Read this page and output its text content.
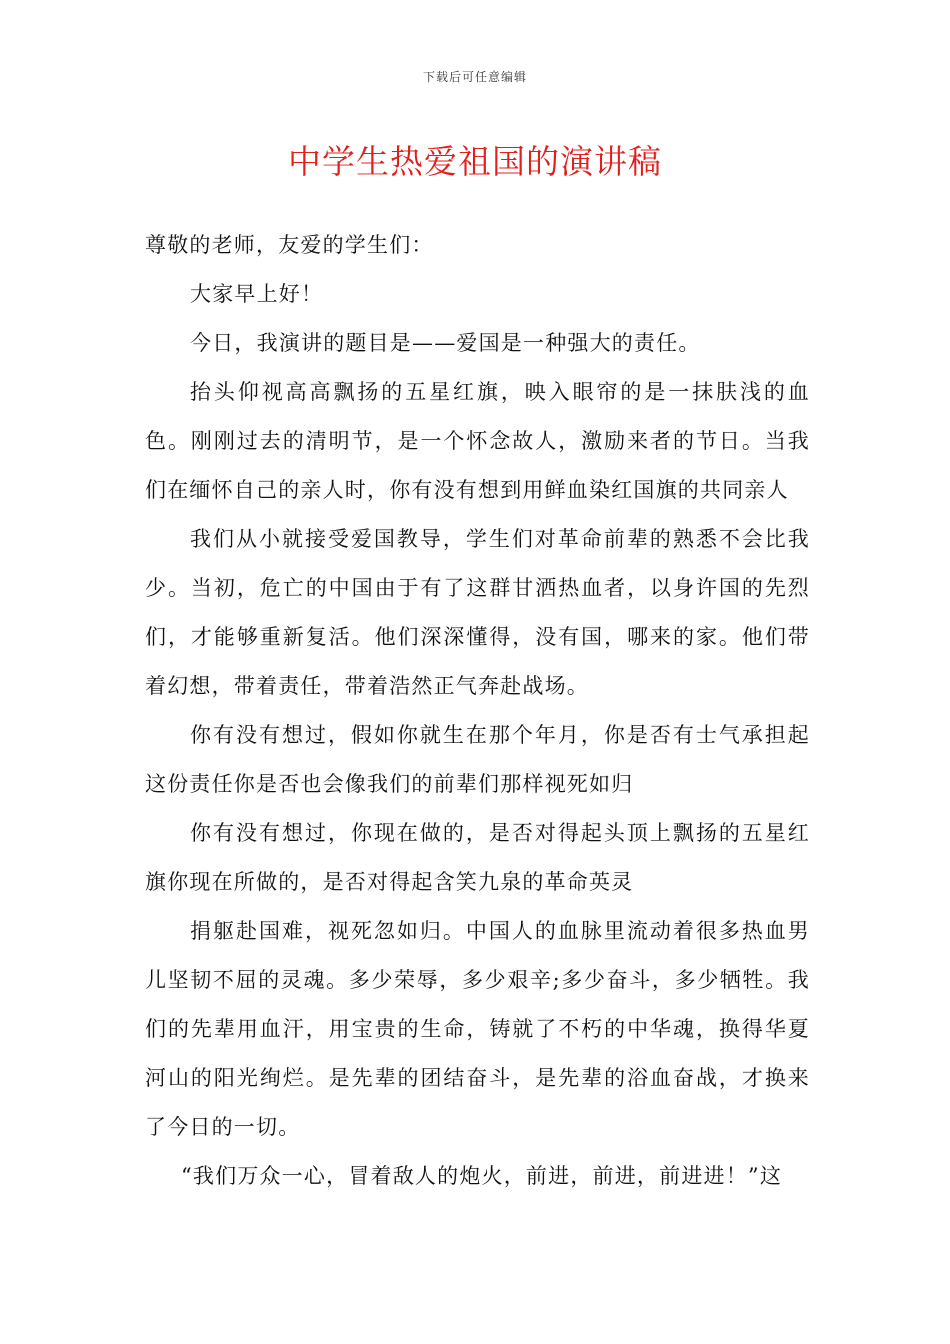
下载后可任意编辑
中学生热爱祖国的演讲稿

尊敬的老师，友爱的学生们：

大家早上好！

今日，我演讲的题目是——爱国是一种强大的责任。

抬头仰视高高飘扬的五星红旗，映入眼帘的是一抹肤浅的血色。刚刚过去的清明节，是一个怀念故人，激励来者的节日。当我们在缅怀自己的亲人时，你有没有想到用鲜血染红国旗的共同亲人

我们从小就接受爱国教导，学生们对革命前辈的熟悉不会比我少。当初，危亡的中国由于有了这群甘洒热血者，以身许国的先烈们，才能够重新复活。他们深深懂得，没有国，哪来的家。他们带着幻想，带着责任，带着浩然正气奔赴战场。

你有没有想过，假如你就生在那个年月，你是否有士气承担起这份责任你是否也会像我们的前辈们那样视死如归

你有没有想过，你现在做的，是否对得起头顶上飘扬的五星红旗你现在所做的，是否对得起含笑九泉的革命英灵

捐躯赴国难，视死忽如归。中国人的血脉里流动着很多热血男儿坚韧不屈的灵魂。多少荣辱，多少艰辛;多少奋斗，多少牺牲。我们的先辈用血汗，用宝贵的生命，铸就了不朽的中华魂，换得华夏河山的阳光绚烂。是先辈的团结奋斗，是先辈的浴血奋战，才换来了今日的一切。

“我们万众一心，冒着敌人的炮火，前进，前进，前进进！”这
